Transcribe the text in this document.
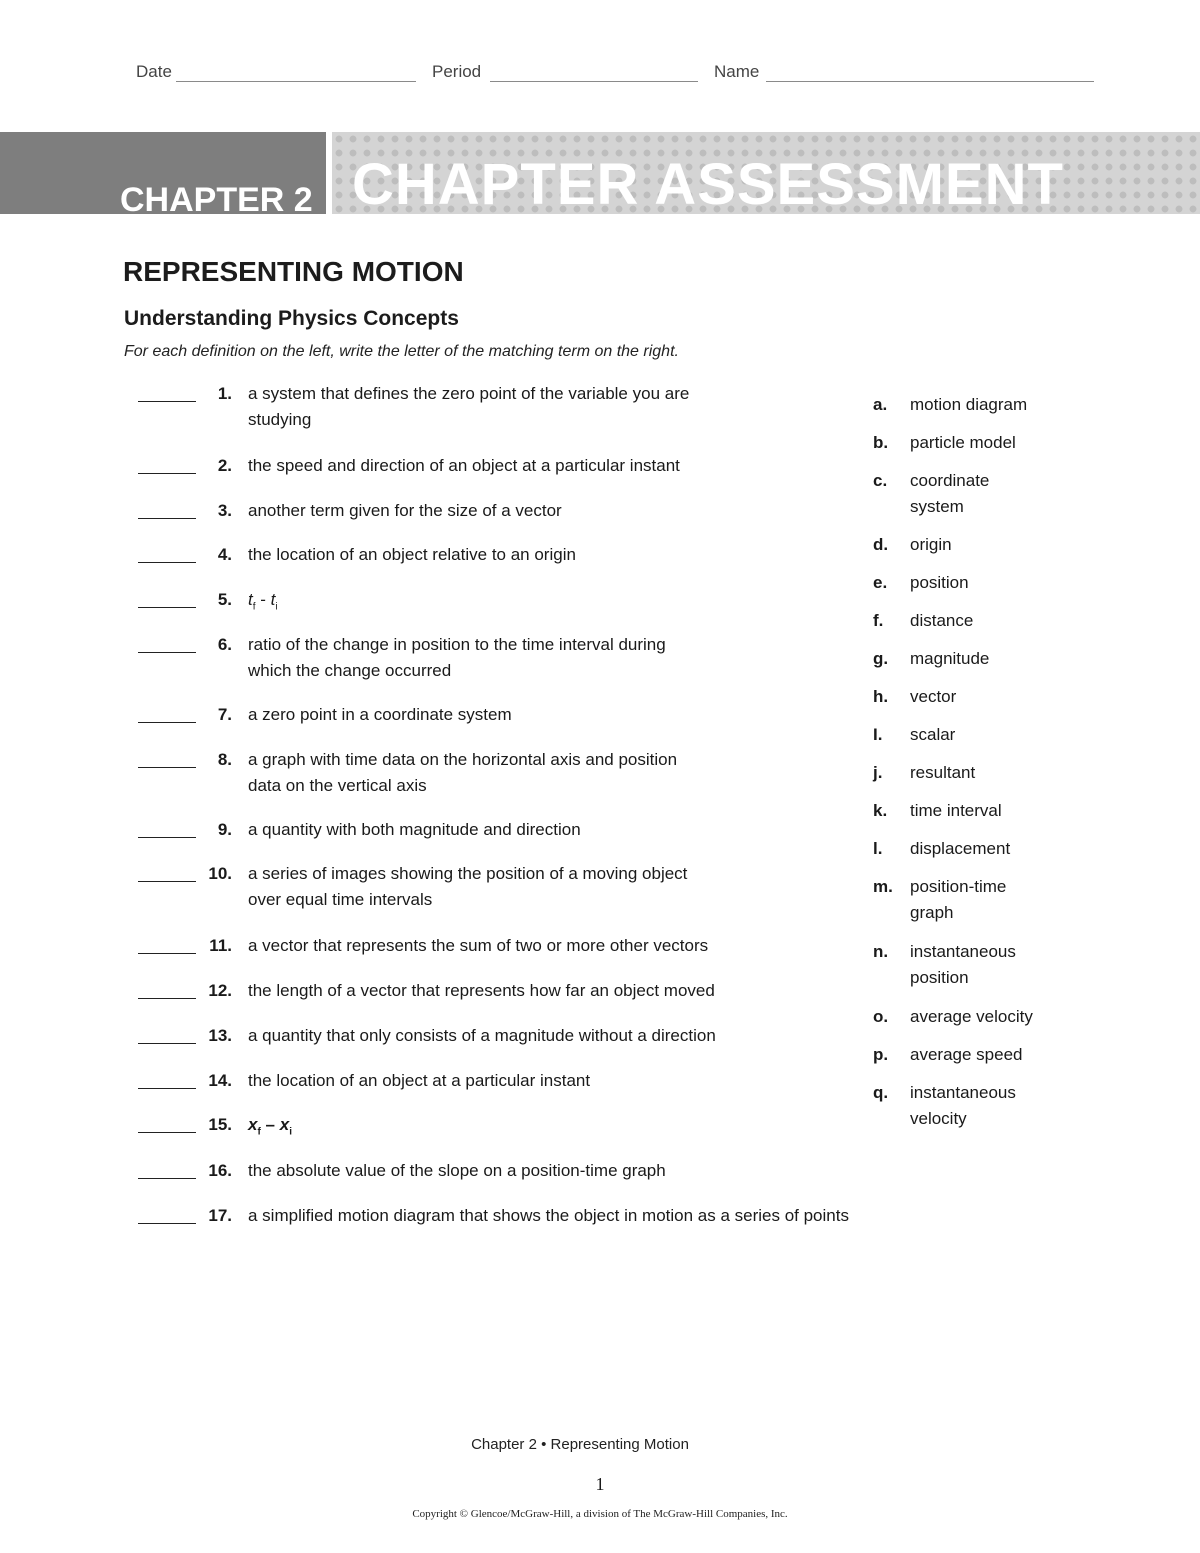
Date	Period	Name
CHAPTER 2 CHAPTER ASSESSMENT
REPRESENTING MOTION
Understanding Physics Concepts
For each definition on the left, write the letter of the matching term on the right.
1. a system that defines the zero point of the variable you are
studying
2. the speed and direction of an object at a particular instant
3. another term given for the size of a vector
4. the location of an object relative to an origin
5. $t_f - t_i$
6. ratio of the change in position to the time interval during
which the change occurred
7. a zero point in a coordinate system
8. a graph with time data on the horizontal axis and position
data on the vertical axis
9. a quantity with both magnitude and direction
10. a series of images showing the position of a moving object
over equal time intervals
11. a vector that represents the sum of two or more other vectors
12. the length of a vector that represents how far an object moved
13. a quantity that only consists of a magnitude without a direction
14. the location of an object at a particular instant
15. $x_f - x_i$
16. the absolute value of the slope on a position-time graph
17. a simplified motion diagram that shows the object in motion as a series of points
a. motion diagram
b. particle model
c. coordinate
system
d. origin
e. position
f. distance
g. magnitude
h. vector
I. scalar
j. resultant
k. time interval
l. displacement
m. position-time
graph
n. instantaneous
position
o. average velocity
p. average speed
q. instantaneous
velocity
Chapter 2 • Representing Motion
1
Copyright © Glencoe/McGraw-Hill, a division of The McGraw-Hill Companies, Inc.
